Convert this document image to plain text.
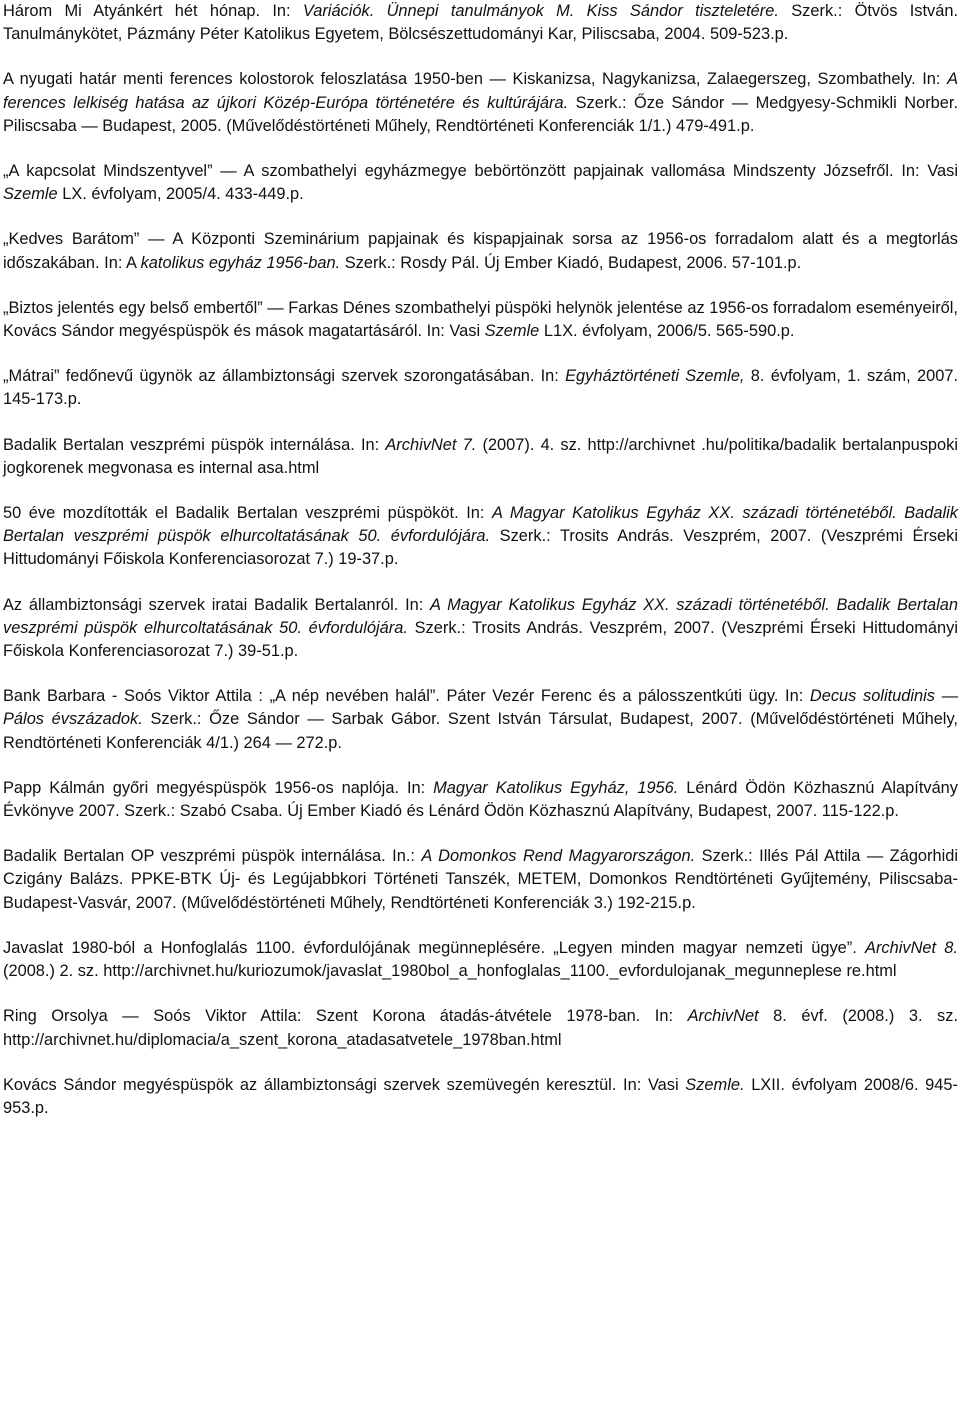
Három Mi Atyánkért hét hónap. In: Variációk. Ünnepi tanulmányok M. Kiss Sándor tiszteletére. Szerk.: Ötvös István. Tanulmánykötet, Pázmány Péter Katolikus Egyetem, Bölcsészettudományi Kar, Piliscsaba, 2004. 509-523.p.

A nyugati határ menti ferences kolostorok feloszlatása 1950-ben — Kiskanizsa, Nagykanizsa, Zalaegerszeg, Szombathely. In: A ferences lelkiség hatása az újkori Közép-Európa történetére és kultúrájára. Szerk.: Őze Sándor — Medgyesy-Schmikli Norber. Piliscsaba — Budapest, 2005. (Művelődéstörténeti Műhely, Rendtörténeti Konferenciák 1/1.) 479-491.p.

„A kapcsolat Mindszentyvel” — A szombathelyi egyházmegye bebörtönzött papjainak vallomása Mindszenty Józsefről. In: Vasi Szemle LX. évfolyam, 2005/4. 433-449.p.

„Kedves Barátom” — A Központi Szeminárium papjainak és kispapjainak sorsa az 1956-os forradalom alatt és a megtorlás időszakában. In: A katolikus egyház 1956-ban. Szerk.: Rosdy Pál. Új Ember Kiadó, Budapest, 2006. 57-101.p.

„Biztos jelentés egy belső embertől” — Farkas Dénes szombathelyi püspöki helynök jelentése az 1956-os forradalom eseményeiről, Kovács Sándor megyéspüspök és mások magatartásáról. In: Vasi Szemle L1X. évfolyam, 2006/5. 565-590.p.

„Mátrai” fedőnevű ügynök az állambiztonsági szervek szorongatásában. In: Egyháztörténeti Szemle, 8. évfolyam, 1. szám, 2007. 145-173.p.

Badalik Bertalan veszprémi püspök internálása. In: ArchivNet 7. (2007). 4. sz. http://archivnet .hu/politika/badalik bertalanpuspoki jogkorenek megvonasa es internal asa.html

50 éve mozdították el Badalik Bertalan veszprémi püspököt. In: A Magyar Katolikus Egyház XX. századi történetéből. Badalik Bertalan veszprémi püspök elhurcoltatásának 50. évfordulójára. Szerk.: Trosits András. Veszprém, 2007. (Veszprémi Érseki Hittudományi Főiskola Konferenciasorozat 7.) 19-37.p.

Az állambiztonsági szervek iratai Badalik Bertalanról. In: A Magyar Katolikus Egyház XX. századi történetéből. Badalik Bertalan veszprémi püspök elhurcoltatásának 50. évfordulójára. Szerk.: Trosits András. Veszprém, 2007. (Veszprémi Érseki Hittudományi Főiskola Konferenciasorozat 7.) 39-51.p.

Bank Barbara - Soós Viktor Attila : „A nép nevében halál”. Páter Vezér Ferenc és a pálosszentkúti ügy. In: Decus solitudinis — Pálos évszázadok. Szerk.: Őze Sándor — Sarbak Gábor. Szent István Társulat, Budapest, 2007. (Művelődéstörténeti Műhely, Rendtörténeti Konferenciák 4/1.) 264 — 272.p.

Papp Kálmán győri megyéspüspök 1956-os naplója. In: Magyar Katolikus Egyház, 1956. Lénárd Ödön Közhasznú Alapítvány Évkönyve 2007. Szerk.: Szabó Csaba. Új Ember Kiadó és Lénárd Ödön Közhasznú Alapítvány, Budapest, 2007. 115-122.p.

Badalik Bertalan OP veszprémi püspök internálása. In.: A Domonkos Rend Magyarországon. Szerk.: Illés Pál Attila — Zágorhidi Czigány Balázs. PPKE-BTK Új- és Legújabbkori Történeti Tanszék, METEM, Domonkos Rendtörténeti Gyűjtemény, Piliscsaba-Budapest-Vasvár, 2007. (Művelődéstörténeti Műhely, Rendtörténeti Konferenciák 3.) 192-215.p.

Javaslat 1980-ból a Honfoglalás 1100. évfordulójának megünneplésére. „Legyen minden magyar nemzeti ügye”. ArchivNet 8. (2008.) 2. sz. http://archivnet.hu/kuriozumok/javaslat_1980bol_a_honfoglalas_1100._evfordulojanak_megunneplese re.html

Ring Orsolya — Soós Viktor Attila: Szent Korona átadás-átvétele 1978-ban. In: ArchivNet 8. évf. (2008.) 3. sz. http://archivnet.hu/diplomacia/a_szent_korona_atadasatvetele_1978ban.html

Kovács Sándor megyéspüspök az állambiztonsági szervek szemüvegén keresztül. In: Vasi Szemle. LXII. évfolyam 2008/6. 945-953.p.
